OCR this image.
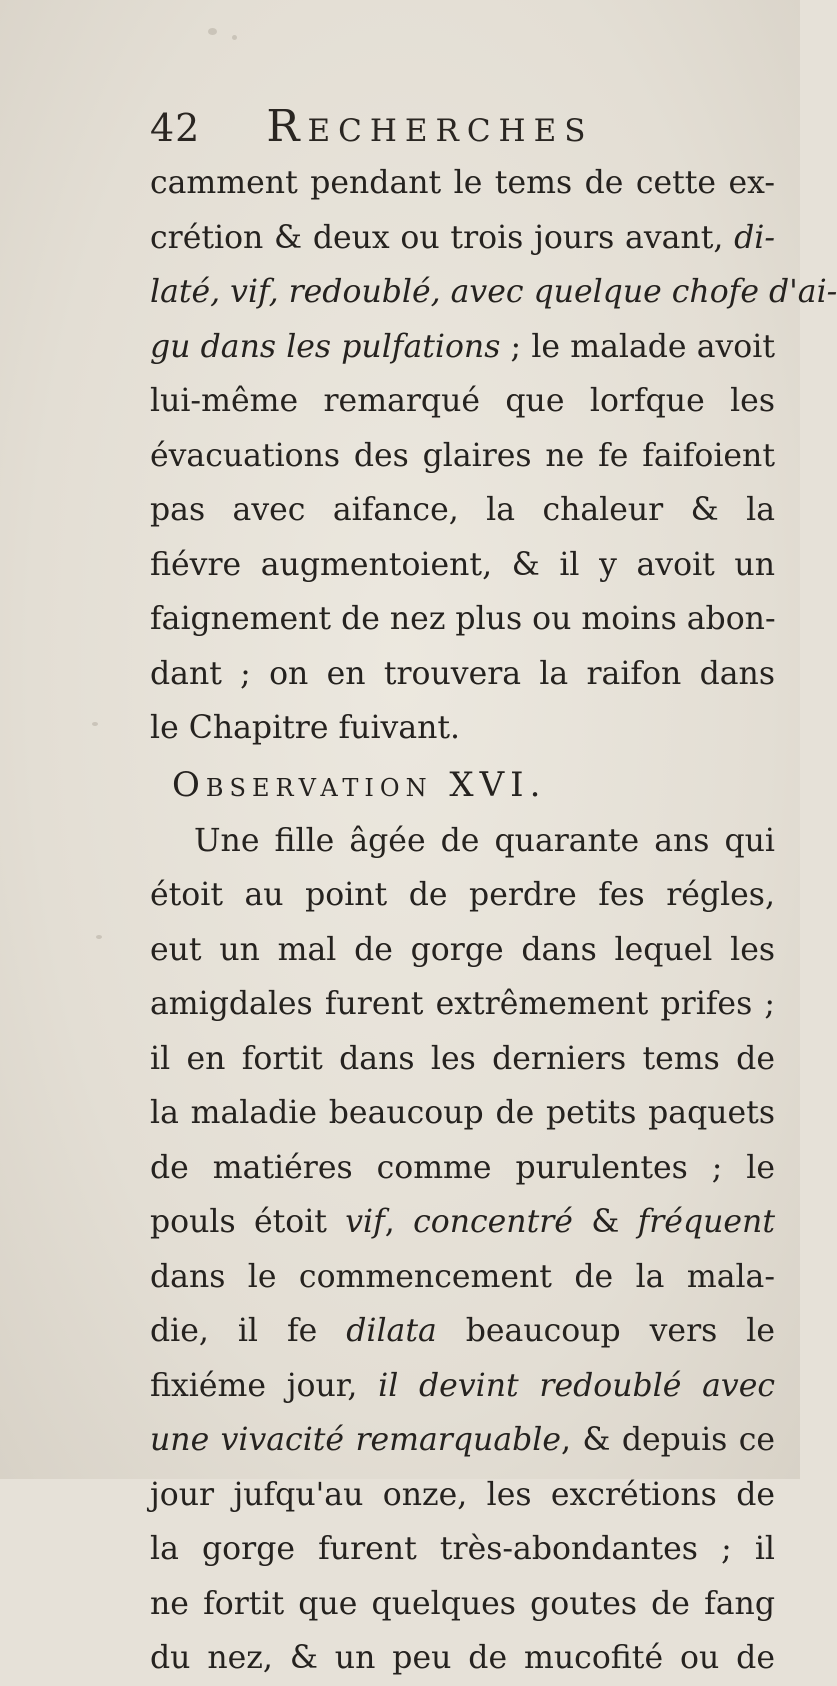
42 Recherches
camment pendant le tems de cette ex-
crétion & deux ou trois jours avant, di-
laté, vif, redoublé, avec quelque chofe d'ai-
gu dans les pulfations ; le malade avoit
lui-même remarqué que lorfque les
évacuations des glaires ne fe faifoient
pas avec aifance, la chaleur & la
fiévre augmentoient, & il y avoit un
faignement de nez plus ou moins abon-
dant ; on en trouvera la raifon dans
le Chapitre fuivant.
Observation XVI.
Une fille âgée de quarante ans qui
étoit au point de perdre fes régles,
eut un mal de gorge dans lequel les
amigdales furent extrêmement prifes ;
il en fortit dans les derniers tems de
la maladie beaucoup de petits paquets
de matiéres comme purulentes ; le
pouls étoit vif, concentré & fréquent
dans le commencement de la mala-
die, il fe dilata beaucoup vers le
fixiéme jour, il devint redoublé avec
une vivacité remarquable, & depuis ce
jour jufqu'au onze, les excrétions de
la gorge furent très-abondantes ; il
ne fortit que quelques goutes de fang
du nez, & un peu de mucofité ou de
